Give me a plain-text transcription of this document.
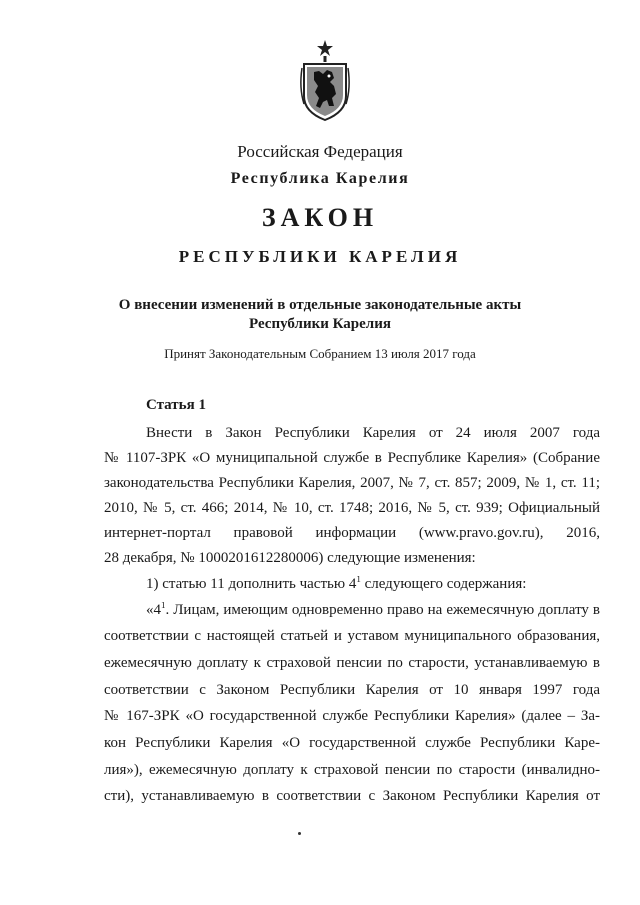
Российская Федерация
Республика Карелия
ЗАКОН
РЕСПУБЛИКИ КАРЕЛИЯ
О внесении изменений в отдельные законодательные акты
Республики Карелия
Принят Законодательным Собранием 13 июля 2017 года
Статья 1
Внести в Закон Республики Карелия от 24 июля 2007 года
№ 1107-ЗРК «О муниципальной службе в Республике Карелия» (Собрание
законодательства Республики Карелия, 2007, № 7, ст. 857; 2009, № 1, ст. 11;
2010, № 5, ст. 466; 2014, № 10, ст. 1748; 2016, № 5, ст. 939; Официальный
интернет-портал правовой информации (www.pravo.gov.ru), 2016,
28 декабря, № 1000201612280006) следующие изменения:
1) статью 11 дополнить частью $4^1$ следующего содержания:
«$4^1$. Лицам, имеющим одновременно право на ежемесячную доплату в
соответствии с настоящей статьей и уставом муниципального образования,
ежемесячную доплату к страховой пенсии по старости, устанавливаемую в
соответствии с Законом Республики Карелия от 10 января 1997 года
№ 167-ЗРК «О государственной службе Республики Карелия» (далее – За-
кон Республики Карелия «О государственной службе Республики Каре-
лия»), ежемесячную доплату к страховой пенсии по старости (инвалидно-
сти), устанавливаемую в соответствии с Законом Республики Карелия от
